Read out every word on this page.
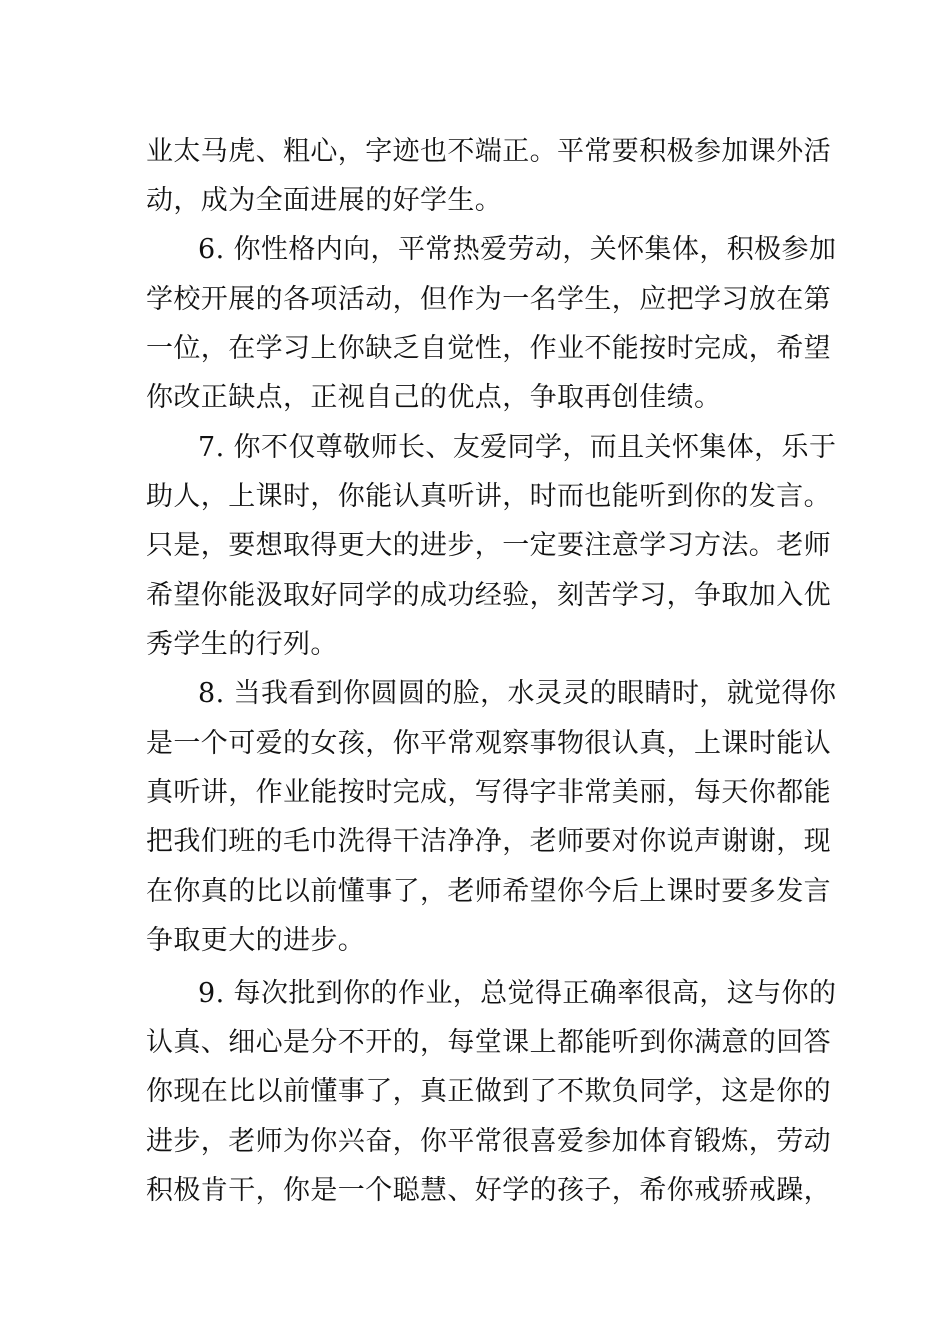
业太马虎、粗心，字迹也不端正。平常要积极参加课外活
动，成为全面进展的好学生。
6. 你性格内向，平常热爱劳动，关怀集体，积极参加
学校开展的各项活动，但作为一名学生，应把学习放在第
一位，在学习上你缺乏自觉性，作业不能按时完成，希望
你改正缺点，正视自己的优点，争取再创佳绩。
7. 你不仅尊敬师长、友爱同学，而且关怀集体，乐于
助人，上课时，你能认真听讲，时而也能听到你的发言。
只是，要想取得更大的进步，一定要注意学习方法。老师
希望你能汲取好同学的成功经验，刻苦学习，争取加入优
秀学生的行列。
8. 当我看到你圆圆的脸，水灵灵的眼睛时，就觉得你
是一个可爱的女孩，你平常观察事物很认真，上课时能认
真听讲，作业能按时完成，写得字非常美丽，每天你都能
把我们班的毛巾洗得干洁净净，老师要对你说声谢谢，现
在你真的比以前懂事了，老师希望你今后上课时要多发言
争取更大的进步。
9. 每次批到你的作业，总觉得正确率很高，这与你的
认真、细心是分不开的，每堂课上都能听到你满意的回答
你现在比以前懂事了，真正做到了不欺负同学，这是你的
进步，老师为你兴奋，你平常很喜爱参加体育锻炼，劳动
积极肯干，你是一个聪慧、好学的孩子，希你戒骄戒躁，
